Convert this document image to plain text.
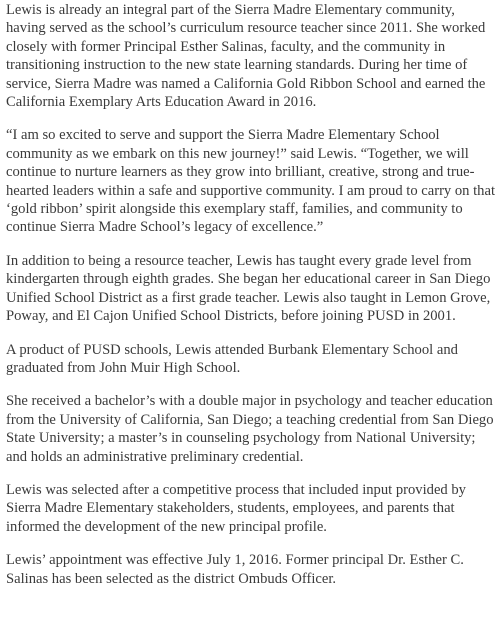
Lewis is already an integral part of the Sierra Madre Elementary community, having served as the school’s curriculum resource teacher since 2011. She worked closely with former Principal Esther Salinas, faculty, and the community in transitioning instruction to the new state learning standards. During her time of service, Sierra Madre was named a California Gold Ribbon School and earned the California Exemplary Arts Education Award in 2016.

“I am so excited to serve and support the Sierra Madre Elementary School community as we embark on this new journey!” said Lewis. “Together, we will continue to nurture learners as they grow into brilliant, creative, strong and true-hearted leaders within a safe and supportive community. I am proud to carry on that ‘gold ribbon’ spirit alongside this exemplary staff, families, and community to continue Sierra Madre School’s legacy of excellence.”

In addition to being a resource teacher, Lewis has taught every grade level from kindergarten through eighth grades. She began her educational career in San Diego Unified School District as a first grade teacher. Lewis also taught in Lemon Grove, Poway, and El Cajon Unified School Districts, before joining PUSD in 2001.

A product of PUSD schools, Lewis attended Burbank Elementary School and graduated from John Muir High School.

She received a bachelor’s with a double major in psychology and teacher education from the University of California, San Diego; a teaching credential from San Diego State University; a master’s in counseling psychology from National University; and holds an administrative preliminary credential.

Lewis was selected after a competitive process that included input provided by Sierra Madre Elementary stakeholders, students, employees, and parents that informed the development of the new principal profile.

Lewis’ appointment was effective July 1, 2016. Former principal Dr. Esther C. Salinas has been selected as the district Ombuds Officer.
